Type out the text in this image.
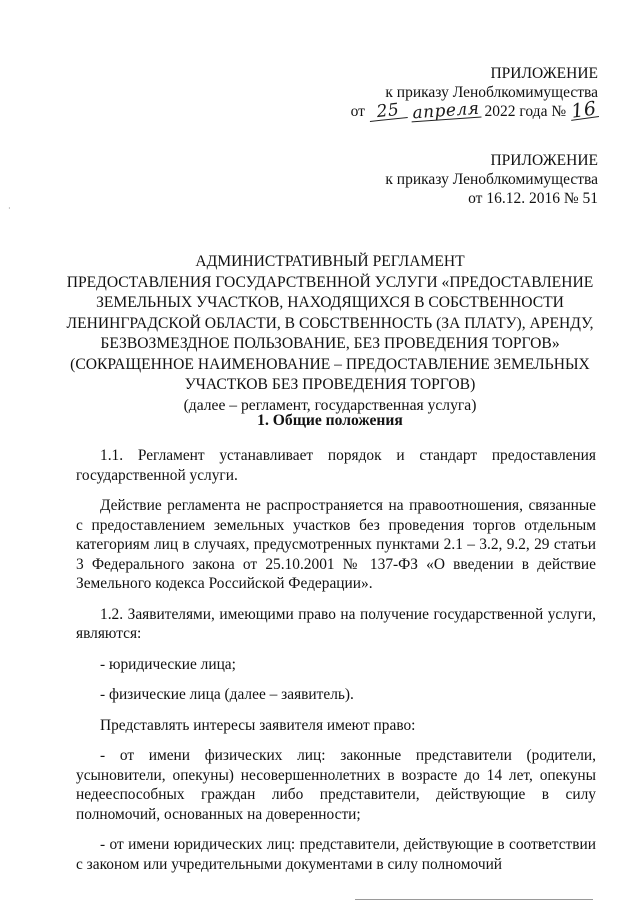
ПРИЛОЖЕНИЕ
к приказу Леноблкомимущества
от 25 апреля 2022 года № 16
ПРИЛОЖЕНИЕ
к приказу Леноблкомимущества
от 16.12. 2016 № 51
·
АДМИНИСТРАТИВНЫЙ РЕГЛАМЕНТ
ПРЕДОСТАВЛЕНИЯ ГОСУДАРСТВЕННОЙ УСЛУГИ «ПРЕДОСТАВЛЕНИЕ
ЗЕМЕЛЬНЫХ УЧАСТКОВ, НАХОДЯЩИХСЯ В СОБСТВЕННОСТИ
ЛЕНИНГРАДСКОЙ ОБЛАСТИ, В СОБСТВЕННОСТЬ (ЗА ПЛАТУ), АРЕНДУ,
БЕЗВОЗМЕЗДНОЕ ПОЛЬЗОВАНИЕ, БЕЗ ПРОВЕДЕНИЯ ТОРГОВ»
(СОКРАЩЕННОЕ НАИМЕНОВАНИЕ – ПРЕДОСТАВЛЕНИЕ ЗЕМЕЛЬНЫХ
УЧАСТКОВ БЕЗ ПРОВЕДЕНИЯ ТОРГОВ)
(далее – регламент, государственная услуга)
1. Общие положения

1.1. Регламент устанавливает порядок и стандарт предоставления государственной услуги.

Действие регламента не распространяется на правоотношения, связанные с предоставлением земельных участков без проведения торгов отдельным категориям лиц в случаях, предусмотренных пунктами 2.1 – 3.2, 9.2, 29 статьи 3 Федерального закона от 25.10.2001 № 137-ФЗ «О введении в действие Земельного кодекса Российской Федерации».

1.2. Заявителями, имеющими право на получение государственной услуги, являются:

- юридические лица;

- физические лица (далее – заявитель).

Представлять интересы заявителя имеют право:

- от имени физических лиц: законные представители (родители, усыновители, опекуны) несовершеннолетних в возрасте до 14 лет, опекуны недееспособных граждан либо представители, действующие в силу полномочий, основанных на доверенности;

- от имени юридических лиц: представители, действующие в соответствии с законом или учредительными документами в силу полномочий
